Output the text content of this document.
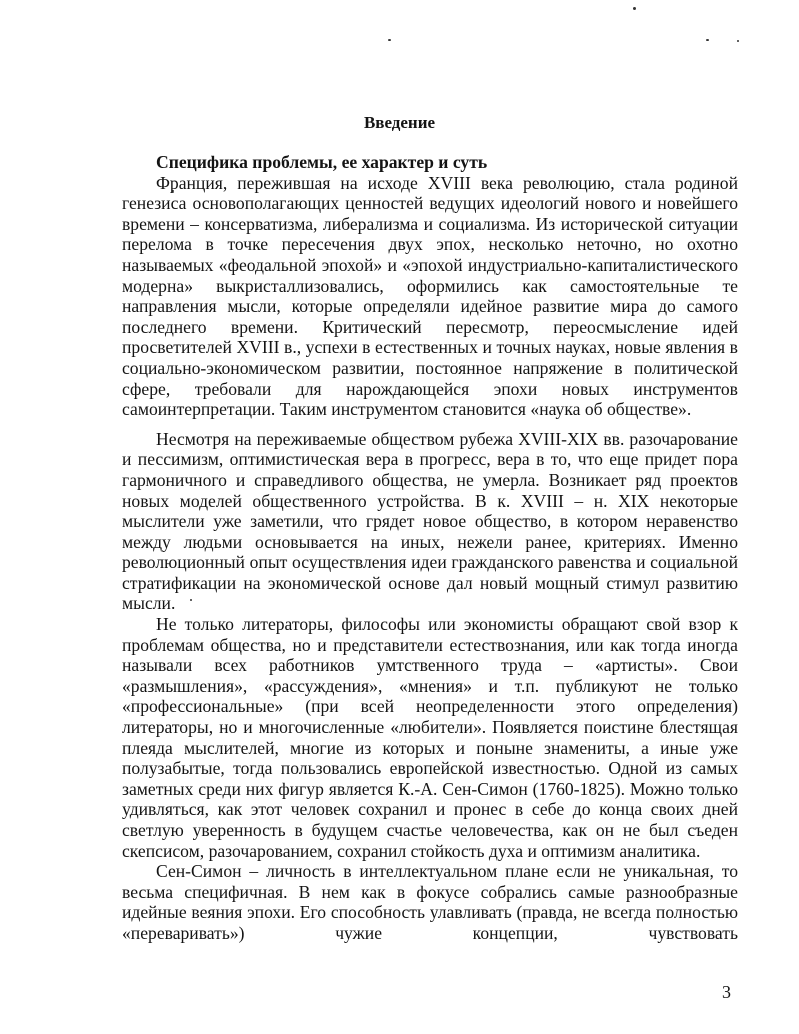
Введение

Специфика проблемы, ее характер и суть

Франция, пережившая на исходе XVIII века революцию, стала родиной генезиса основополагающих ценностей ведущих идеологий нового и новейшего времени – консерватизма, либерализма и социализма. Из исторической ситуации перелома в точке пересечения двух эпох, несколько неточно, но охотно называемых «феодальной эпохой» и «эпохой индустриально-капиталистического модерна» выкристаллизовались, оформились как самостоятельные те направления мысли, которые определяли идейное развитие мира до самого последнего времени. Критический пересмотр, переосмысление идей просветителей XVIII в., успехи в естественных и точных науках, новые явления в социально-экономическом развитии, постоянное напряжение в политической сфере, требовали для нарождающейся эпохи новых инструментов самоинтерпретации. Таким инструментом становится «наука об обществе».

Несмотря на переживаемые обществом рубежа XVIII-XIX вв. разочарование и пессимизм, оптимистическая вера в прогресс, вера в то, что еще придет пора гармоничного и справедливого общества, не умерла. Возникает ряд проектов новых моделей общественного устройства. В к. XVIII – н. XIX некоторые мыслители уже заметили, что грядет новое общество, в котором неравенство между людьми основывается на иных, нежели ранее, критериях. Именно революционный опыт осуществления идеи гражданского равенства и социальной стратификации на экономической основе дал новый мощный стимул развитию мысли.

Не только литераторы, философы или экономисты обращают свой взор к проблемам общества, но и представители естествознания, или как тогда иногда называли всех работников умтственного труда – «артисты». Свои «размышления», «рассуждения», «мнения» и т.п. публикуют не только «профессиональные» (при всей неопределенности этого определения) литераторы, но и многочисленные «любители». Появляется поистине блестящая плеяда мыслителей, многие из которых и поныне знамениты, а иные уже полузабытые, тогда пользовались европейской известностью. Одной из самых заметных среди них фигур является К.-А. Сен-Симон (1760-1825). Можно только удивляться, как этот человек сохранил и пронес в себе до конца своих дней светлую уверенность в будущем счастье человечества, как он не был съеден скепсисом, разочарованием, сохранил стойкость духа и оптимизм аналитика.

Сен-Симон – личность в интеллектуальном плане если не уникальная, то весьма специфичная. В нем как в фокусе собрались самые разнообразные идейные веяния эпохи. Его способность улавливать (правда, не всегда полностью «переваривать») чужие концепции, чувствовать

3
